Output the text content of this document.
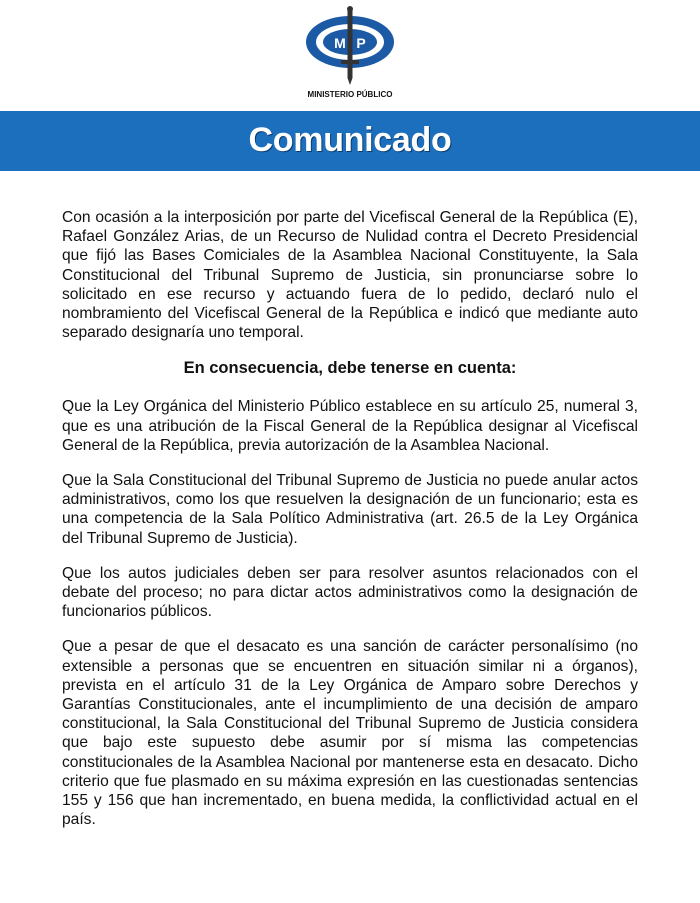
M P
MINISTERIO PÚBLICO
Comunicado

Con ocasión a la interposición por parte del Vicefiscal General de la República (E), Rafael González Arias, de un Recurso de Nulidad contra el Decreto Presidencial que fijó las Bases Comiciales de la Asamblea Nacional Constituyente, la Sala Constitucional del Tribunal Supremo de Justicia, sin pronunciarse sobre lo solicitado en ese recurso y actuando fuera de lo pedido, declaró nulo el nombramiento del Vicefiscal General de la República e indicó que mediante auto separado designaría uno temporal.

En consecuencia, debe tenerse en cuenta:

Que la Ley Orgánica del Ministerio Público establece en su artículo 25, numeral 3, que es una atribución de la Fiscal General de la República designar al Vicefiscal General de la República, previa autorización de la Asamblea Nacional.

Que la Sala Constitucional del Tribunal Supremo de Justicia no puede anular actos administrativos, como los que resuelven la designación de un funcionario; esta es una competencia de la Sala Político Administrativa (art. 26.5 de la Ley Orgánica del Tribunal Supremo de Justicia).

Que los autos judiciales deben ser para resolver asuntos relacionados con el debate del proceso; no para dictar actos administrativos como la designación de funcionarios públicos.

Que a pesar de que el desacato es una sanción de carácter personalísimo (no extensible a personas que se encuentren en situación similar ni a órganos), prevista en el artículo 31 de la Ley Orgánica de Amparo sobre Derechos y Garantías Constitucionales, ante el incumplimiento de una decisión de amparo constitucional, la Sala Constitucional del Tribunal Supremo de Justicia considera que bajo este supuesto debe asumir por sí misma las competencias constitucionales de la Asamblea Nacional por mantenerse esta en desacato. Dicho criterio que fue plasmado en su máxima expresión en las cuestionadas sentencias 155 y 156 que han incrementado, en buena medida, la conflictividad actual en el país.
